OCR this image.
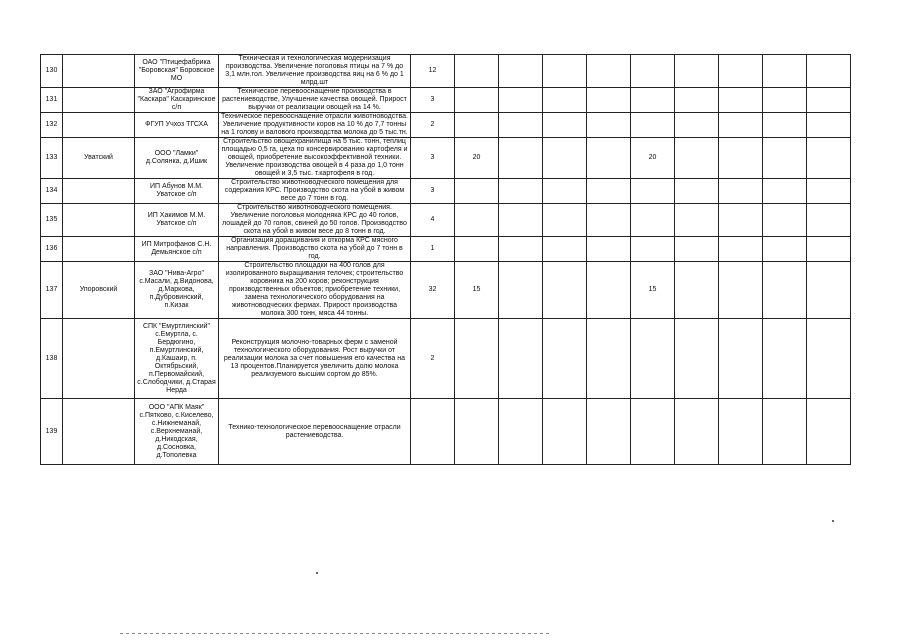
130		ОАО "Птицефабрика "Боровская" Боровское МО	Техническая и технологическая модернизация производства. Увеличение поголовья птицы на 7 % до 3,1 млн.гол. Увеличение производства яиц на 6 % до 1 млрд.шт	12									
131		ЗАО "Агрофирма "Каскара" Каскаринское с/п	Техническое перевооснащение производства в растениеводстве, Улучшение качества овощей. Прирост выручки от реализации овощей на 14 %.	3									
132		ФГУП Учхоз ТГСХА	Техническое перевооснащение отрасли животноводства. Увеличение продуктивности коров на 10 % до 7,7 тонны на 1 голову и валового производства молока до 5 тыс.тн.	2									
133	Уватский	ООО "Ламки" д.Солянка, д.Ишик	Строительство овощехранилища на 5 тыс. тонн, теплиц площадью 0,5 га, цеха по консервированию картофеля и овощей, приобретение высокоэффективной техники. Увеличение производства овощей в 4 раза до 1,0 тонн овощей и 3,5 тыс. т.картофеля в год.	3	20				20				
134		ИП Абунов М.М. Уватское с/п	Строительство животноводческого помещения для содержания КРС. Производство скота на убой в живом весе до 7 тонн в год.	3									
135		ИП Хакимов М.М. Уватское с/п	Строительство животноводческого помещения. Увеличение поголовья молодняка КРС до 40 голов, лошадей до 70 голов, свиней до 50 голов. Производство скота на убой в живом весе до 8 тонн в год.	4									
136		ИП Митрофанов С.Н. Демьянское с/п	Организация доращивания и откорма КРС мясного направления. Производство скота на убой до 7 тонн в год.	1									
137	Упоровский	ЗАО "Нива-Агро" с.Масали, д.Видонова, д.Маркова, п.Дубровинский, п.Кизак	Строительство площадки на 400 голов для изолированного выращивания телочек; строительство коровника на 200 коров; реконструкция производственных объектов; приобретение техники, замена технологического оборудования на животноводческих фермах. Прирост производства молока 300 тонн, мяса 44 тонны.	32	15				15				
138		СПК "Емуртлинский" с.Емуртла, с. Бердюгино, п.Емуртлинский, д.Кашаир, п. Октябрьский, п.Первомайский, с.Слободчики, д.Старая Нерда	Реконструкция молочно-товарных ферм с заменой технологического оборудования. Рост выручки от реализации молока за счет повышения его качества на 13 процентов.Планируется увеличить долю молока реализуемого высшим сортом до 85%.	2									
139		ООО "АПК Маяк" с.Пятково, с.Киселево, с.Нижнеманай, с.Верхнеманай, д.Никодская, д.Сосновка, д.Тополевка	Технико-технологическое перевооснащение отрасли растениеводства.										
